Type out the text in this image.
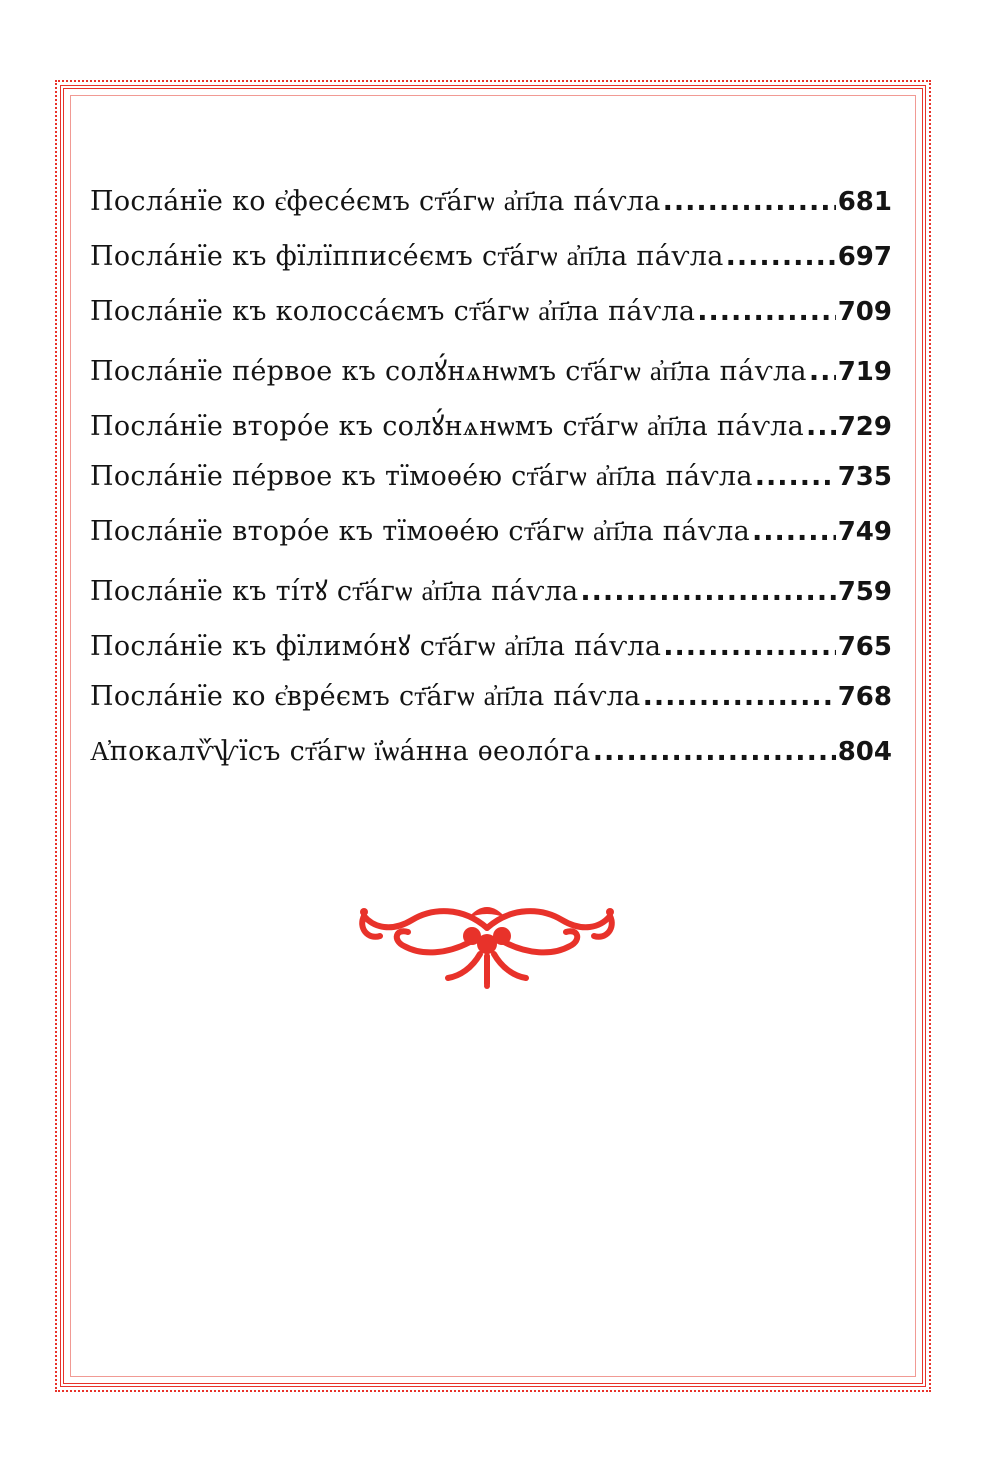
Посла́нїе ко є҆фесе́ємъ ст҃а́гѡ а҆п҃ла па́ѵла .....	681
Посла́нїе къ фїлїпписе́ємъ ст҃а́гѡ а҆п҃ла па́ѵла .....	697
Посла́нїе къ колосса́ємъ ст҃а́гѡ а҆п҃ла па́ѵла .....	709
Посла́нїе пе́рвое къ солꙋ́нѧнѡмъ ст҃а́гѡ а҆п҃ла па́ѵла ..... 719
Посла́нїе второ́е къ солꙋ́нѧнѡмъ ст҃а́гѡ а҆п҃ла па́ѵла ..... 729
Посла́нїе пе́рвое къ тїмоѳе́ю ст҃а́гѡ а҆п҃ла па́ѵла .....	735
Посла́нїе второ́е къ тїмоѳе́ю ст҃а́гѡ а҆п҃ла па́ѵла .....	749
Посла́нїе къ ті́тꙋ ст҃а́гѡ а҆п҃ла па́ѵла .....	759
Посла́нїе къ фїлимо́нꙋ ст҃а́гѡ а҆п҃ла па́ѵла .....	765
Посла́нїе ко є҆вре́ємъ ст҃а́гѡ а҆п҃ла па́ѵла .....	768
А҆покалѷ́ѱїсъ ст҃а́гѡ ї҆ѡа́нна ѳеоло́га .....	804
